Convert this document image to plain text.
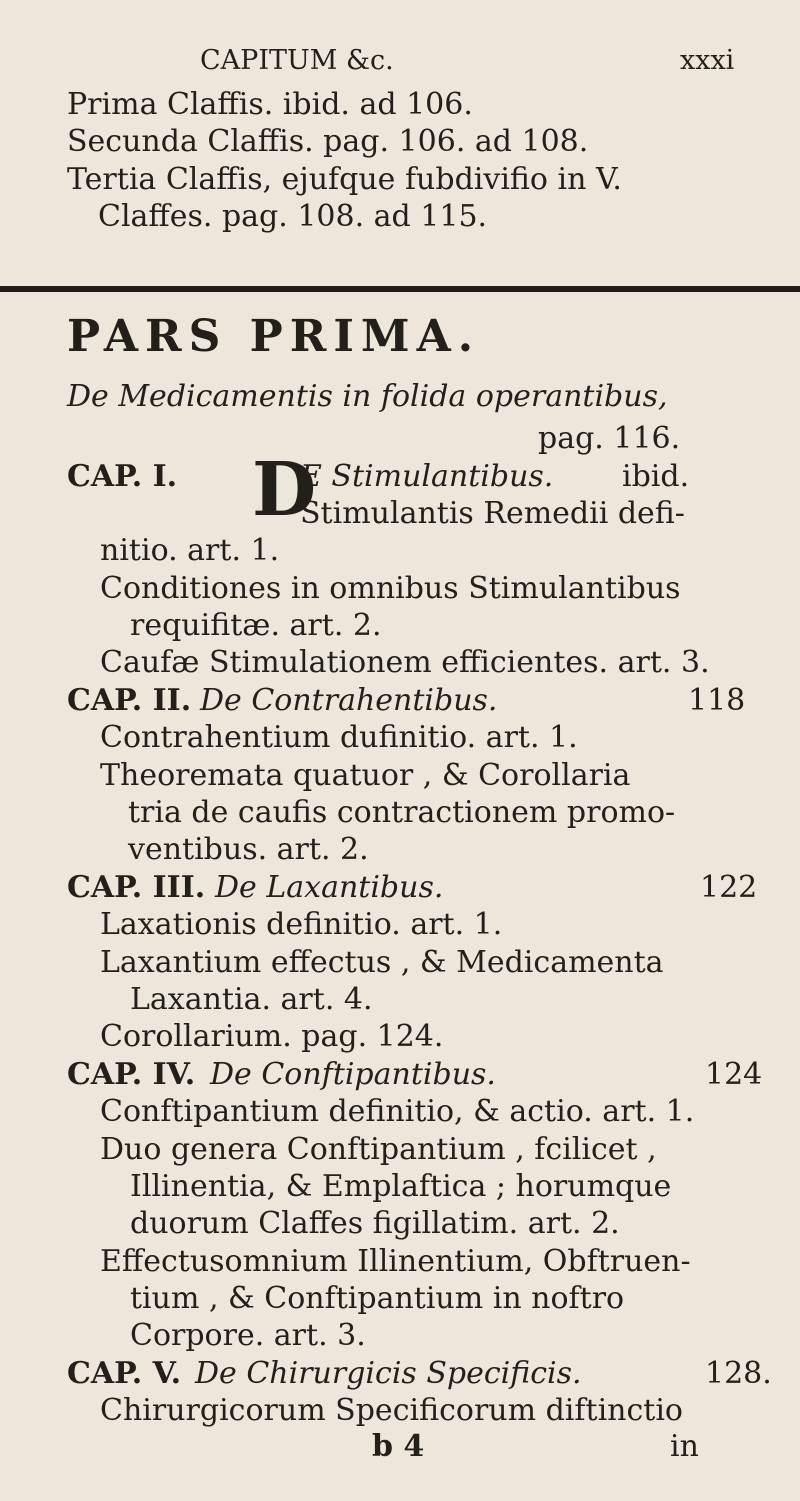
CAPITUM &c.	xxxi
Prima Claffis. ibid. ad 106.
Secunda Claffis. pag. 106. ad 108.
Tertia Claffis, ejufque fubdivifio in V.
Claffes. pag. 108. ad 115.
PARS PRIMA.
De Medicamentis in folida operantibus,
pag. 116.
CAP. I. D
E Stimulantibus. ibid.
Stimulantis Remedii defi-
nitio. art. 1.
Conditiones in omnibus Stimulantibus
requifitæ. art. 2.
Caufæ Stimulationem efficientes. art. 3.
CAP. II. De Contrahentibus.	118
Contrahentium dufinitio. art. 1.
Theoremata quatuor , & Corollaria
tria de caufis contractionem promo-
ventibus. art. 2.
CAP. III. De Laxantibus.	122
Laxationis definitio. art. 1.
Laxantium effectus , & Medicamenta
Laxantia. art. 4.
Corollarium. pag. 124.
CAP. IV. De Conftipantibus.	124
Conftipantium definitio, & actio. art. 1.
Duo genera Conftipantium , fcilicet ,
Illinentia, & Emplaftica ; horumque
duorum Claffes figillatim. art. 2.
Effectusomnium Illinentium, Obftruen-
tium , & Conftipantium in noftro
Corpore. art. 3.
CAP. V. De Chirurgicis Specificis.	128.
Chirurgicorum Specificorum diftinctio
b 4	in
